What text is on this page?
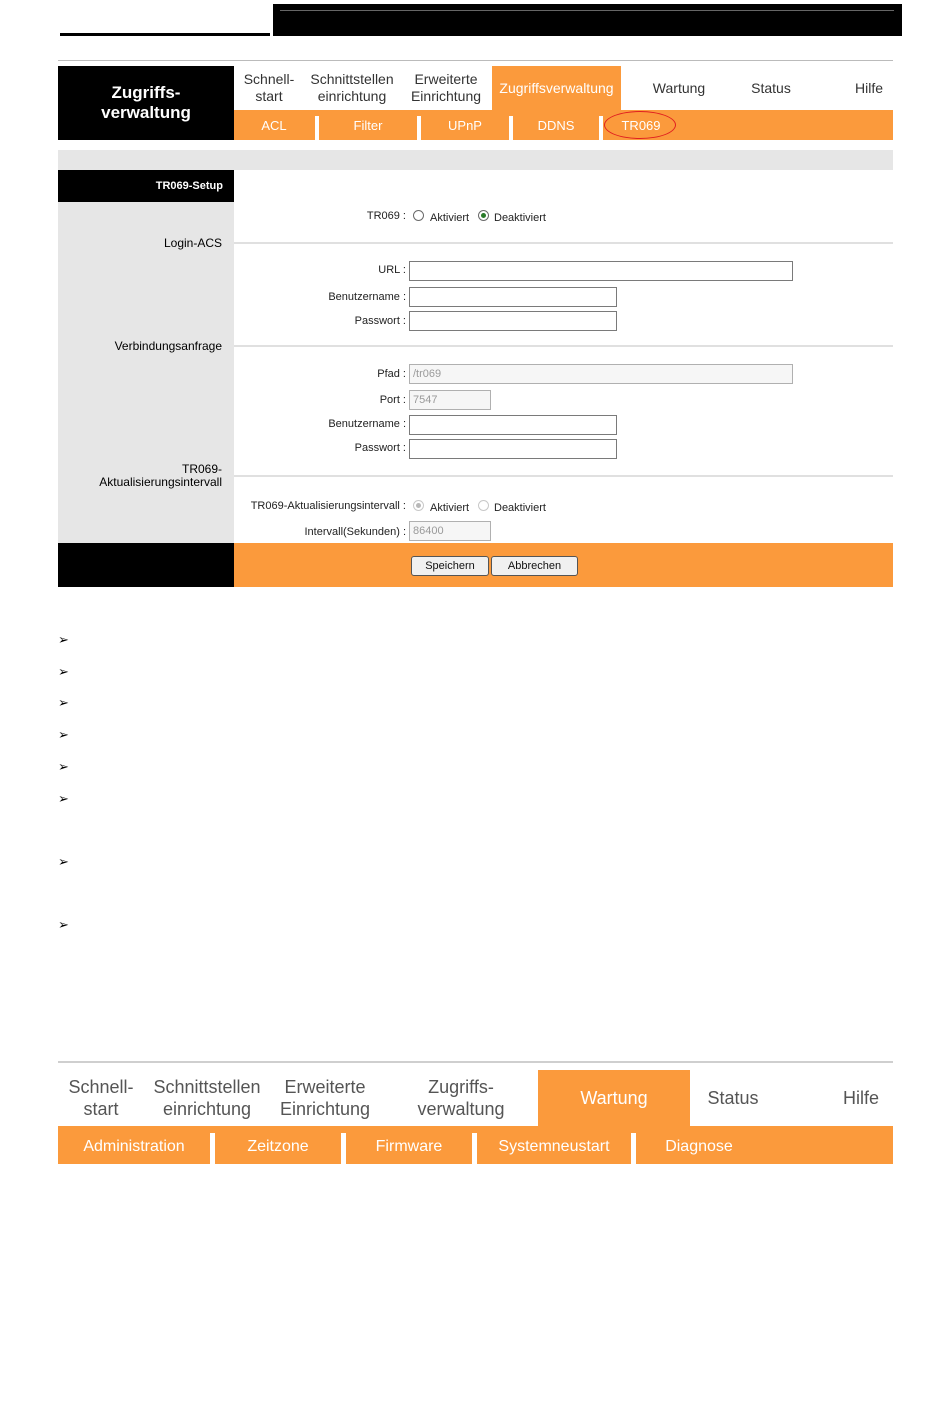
Zugriffs-
verwaltung
Schnell-
start
Schnittstellen
einrichtung
Erweiterte
Einrichtung
Zugriffsverwaltung	Wartung	Status	Hilfe
ACL	Filter	UPnP	DDNS	TR069
TR069-Setup
Login-ACS
Verbindungsanfrage
TR069-
Aktualisierungsintervall
TR069 : Aktiviert Deaktiviert
URL :
Benutzername :
Passwort :
Pfad : /tr069
Port : 7547
Benutzername :
Passwort :
TR069-Aktualisierungsintervall : Aktiviert Deaktiviert
Intervall(Sekunden) : 86400
Speichern	Abbrechen
➢
➢
➢
➢
➢
➢
➢
➢
Schnell-
start
Schnittstellen
einrichtung
Erweiterte
Einrichtung
Zugriffs-
verwaltung
Wartung	Status	Hilfe
Administration	Zeitzone	Firmware	Systemneustart	Diagnose
